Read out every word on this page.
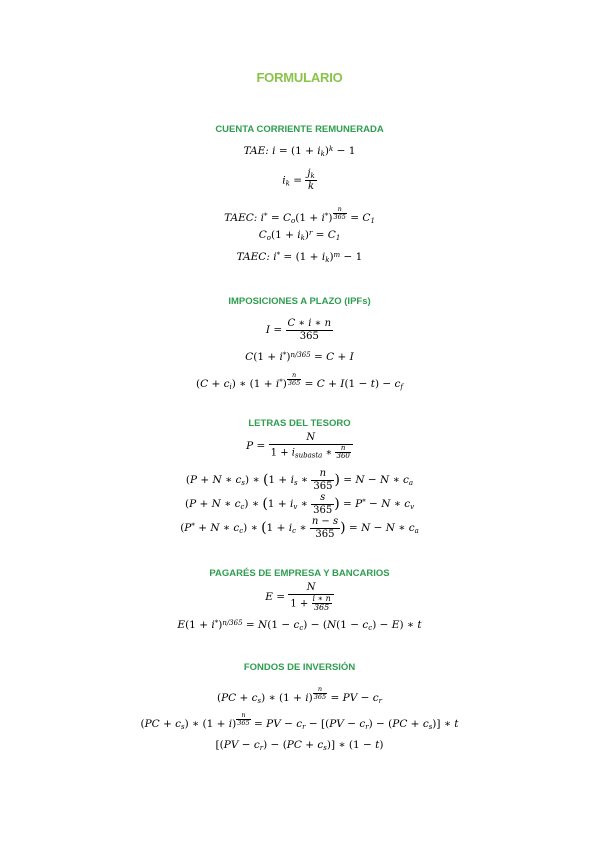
FORMULARIO
CUENTA CORRIENTE REMUNERADA
TAE: $i = (1 + i_k)^k - 1$
$i_k = \frac{j_k}{k}$
TAEC: $i^* = C_o(1 + i^*) \frac{n}{365} = C_1$
$C_o(1 + i_k)^r = C_1$
TAEC: $i^* = (1 + i_k)^m - 1$
IMPOSICIONES A PLAZO (IPFs)
$I = \frac{C ∗ i ∗ n}{365}$
$C(1 + i^*)^{n/365} = C + I$
$(C + c_i)$ ∗ $(1 + i^*) \frac{n}{365} = C + I(1 - t) - c_f$
LETRAS DEL TESORO
$P = \frac{N}{1 + i_{subasta} ∗ \frac{n}{360}}$
(P + N ∗ $c_s$) ∗ ($1 + i_s$ ∗ $\frac{n}{365}$ ) = N − N ∗ $c_a$
(P + N ∗ $c_c$) ∗ ($1 + i_v$ ∗ $\frac{s}{365}$ ) = P* − N ∗ $c_v$
(P* + N ∗ $c_c$) ∗ ($1 + i_c$ ∗ $\frac{n - s}{365}$ ) = N − N ∗ $c_a$
PAGARÉS DE EMPRESA Y BANCARIOS
$E = \frac{N}{1 + \frac{i ∗ n}{365}}$
$E(1 + i^*)^{n/365} = N(1 - c_c) - (N(1 - c_c) - E)$ ∗ t
FONDOS DE INVERSIÓN
$(PC + c_s)$ ∗ $(1 + i) \frac{n}{365}$ = PV − $c_r$
$(PC + c_s)$ ∗ $(1 + i) \frac{n}{365}$ = PV − $c_r - [(PV - c_r) - (PC + c_s)]$ ∗ t
$[(PV - c_r) - (PC + c_s)]$ ∗ (1 − t)
